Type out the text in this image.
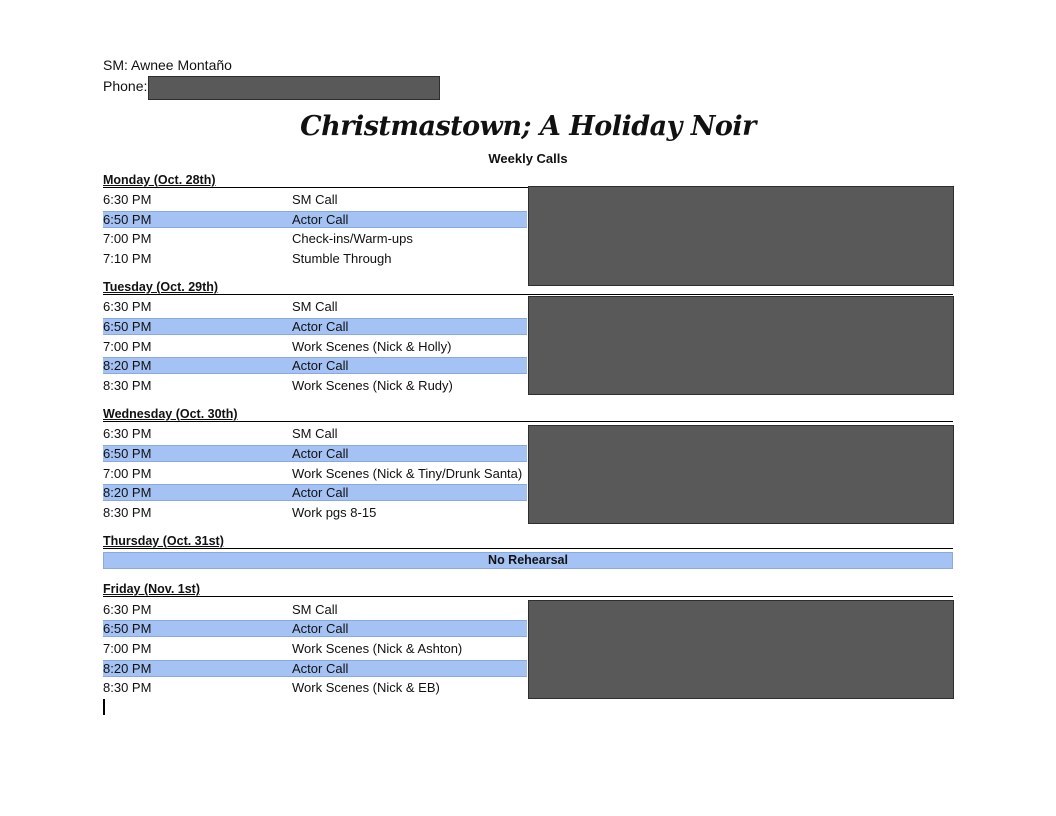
SM: Awnee Montaño
Phone:
Christmastown; A Holiday Noir
Weekly Calls
Monday (Oct. 28th)
6:30 PM	SM Call
6:50 PM	Actor Call
7:00 PM	Check-ins/Warm-ups
7:10 PM	Stumble Through
Tuesday (Oct. 29th)
6:30 PM	SM Call
6:50 PM	Actor Call
7:00 PM	Work Scenes (Nick & Holly)
8:20 PM	Actor Call
8:30 PM	Work Scenes (Nick & Rudy)
Wednesday (Oct. 30th)
6:30 PM	SM Call
6:50 PM	Actor Call
7:00 PM	Work Scenes (Nick & Tiny/Drunk Santa)
8:20 PM	Actor Call
8:30 PM	Work pgs 8-15
Thursday (Oct. 31st)
No Rehearsal
Friday (Nov. 1st)
6:30 PM	SM Call
6:50 PM	Actor Call
7:00 PM	Work Scenes (Nick & Ashton)
8:20 PM	Actor Call
8:30 PM	Work Scenes (Nick & EB)
